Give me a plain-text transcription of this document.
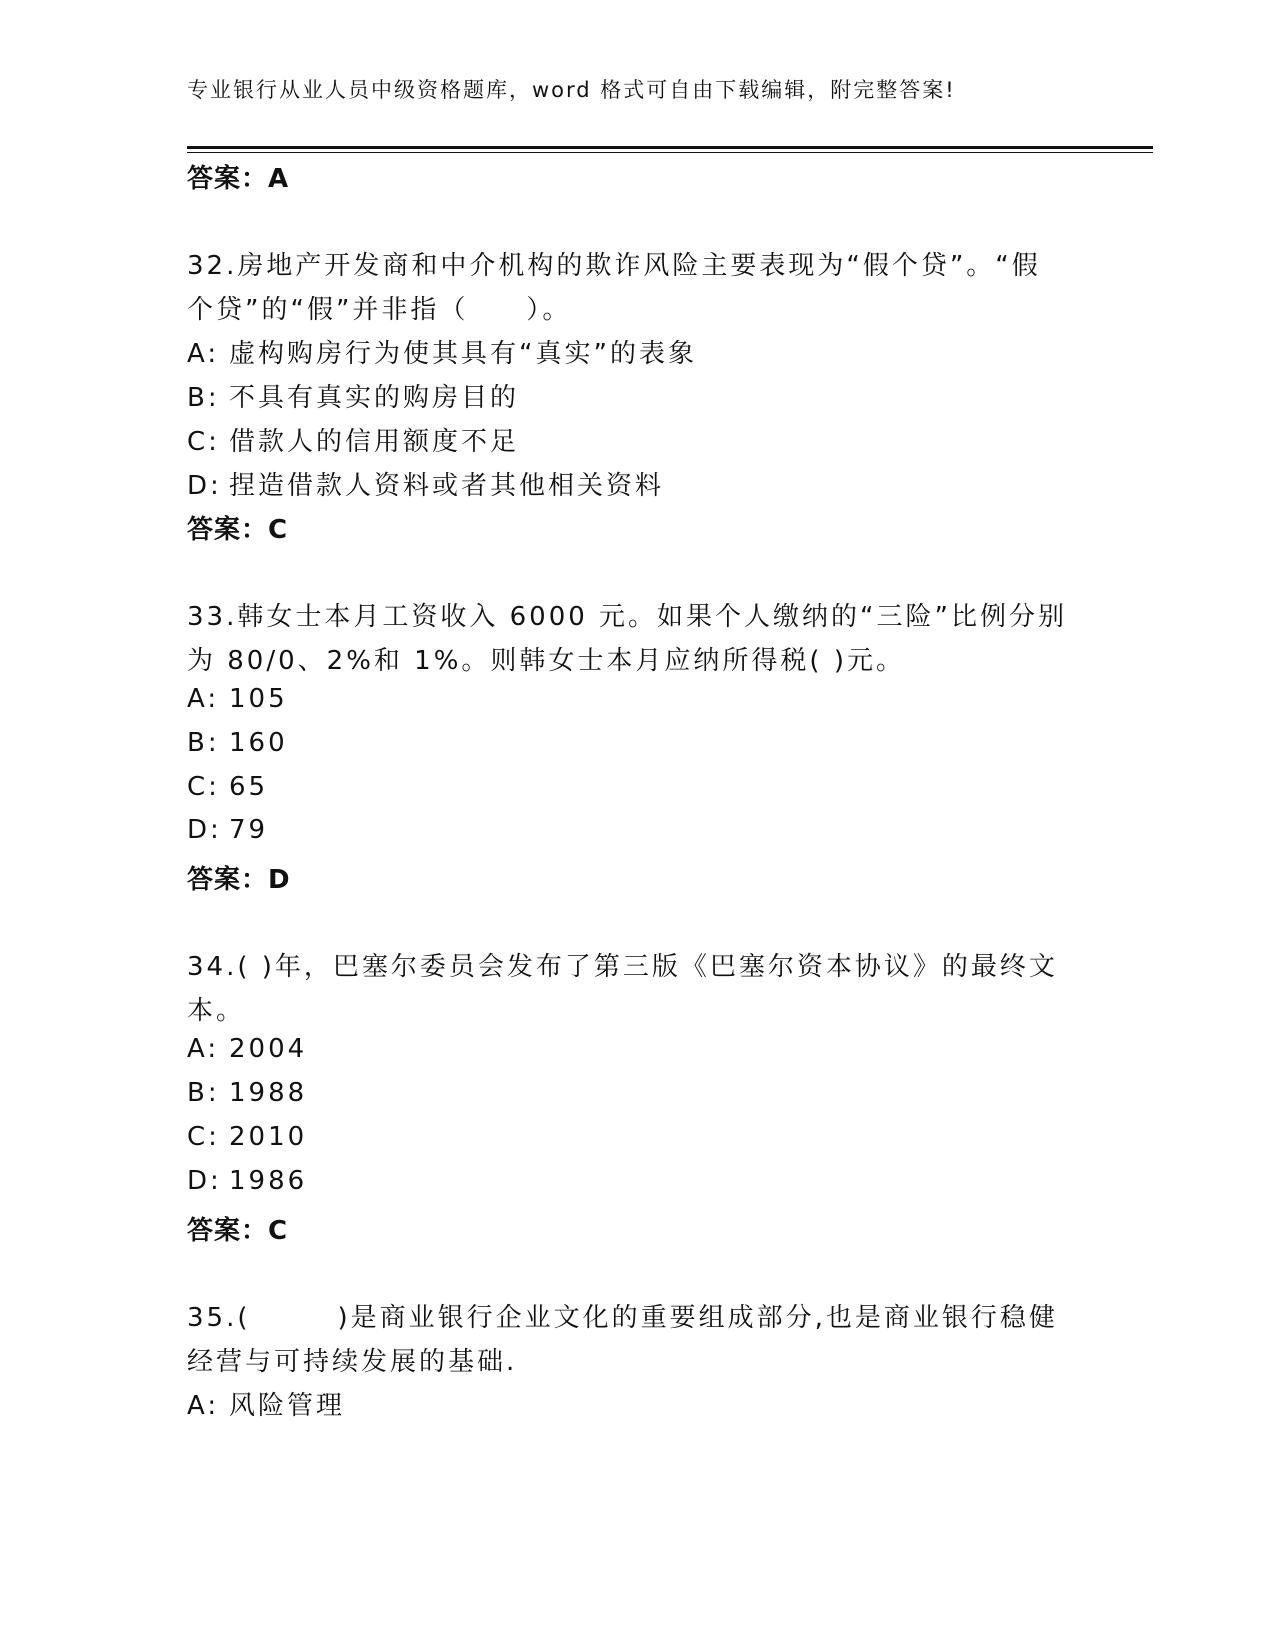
专业银行从业人员中级资格题库，word 格式可自由下载编辑，附完整答案!
答案：A
32.房地产开发商和中介机构的欺诈风险主要表现为“假个贷”。“假
个贷”的“假”并非指（　　）。
A: 虚构购房行为使其具有“真实”的表象
B: 不具有真实的购房目的
C: 借款人的信用额度不足
D: 捏造借款人资料或者其他相关资料
答案：C
33.韩女士本月工资收入 6000 元。如果个人缴纳的“三险”比例分别
为 80/0、2%和 1%。则韩女士本月应纳所得税( )元。
A: 105
B: 160
C: 65
D: 79
答案：D
34.( )年，巴塞尔委员会发布了第三版《巴塞尔资本协议》的最终文
本。
A: 2004
B: 1988
C: 2010
D: 1986
答案：C
35.(　　　)是商业银行企业文化的重要组成部分,也是商业银行稳健
经营与可持续发展的基础.
A: 风险管理
